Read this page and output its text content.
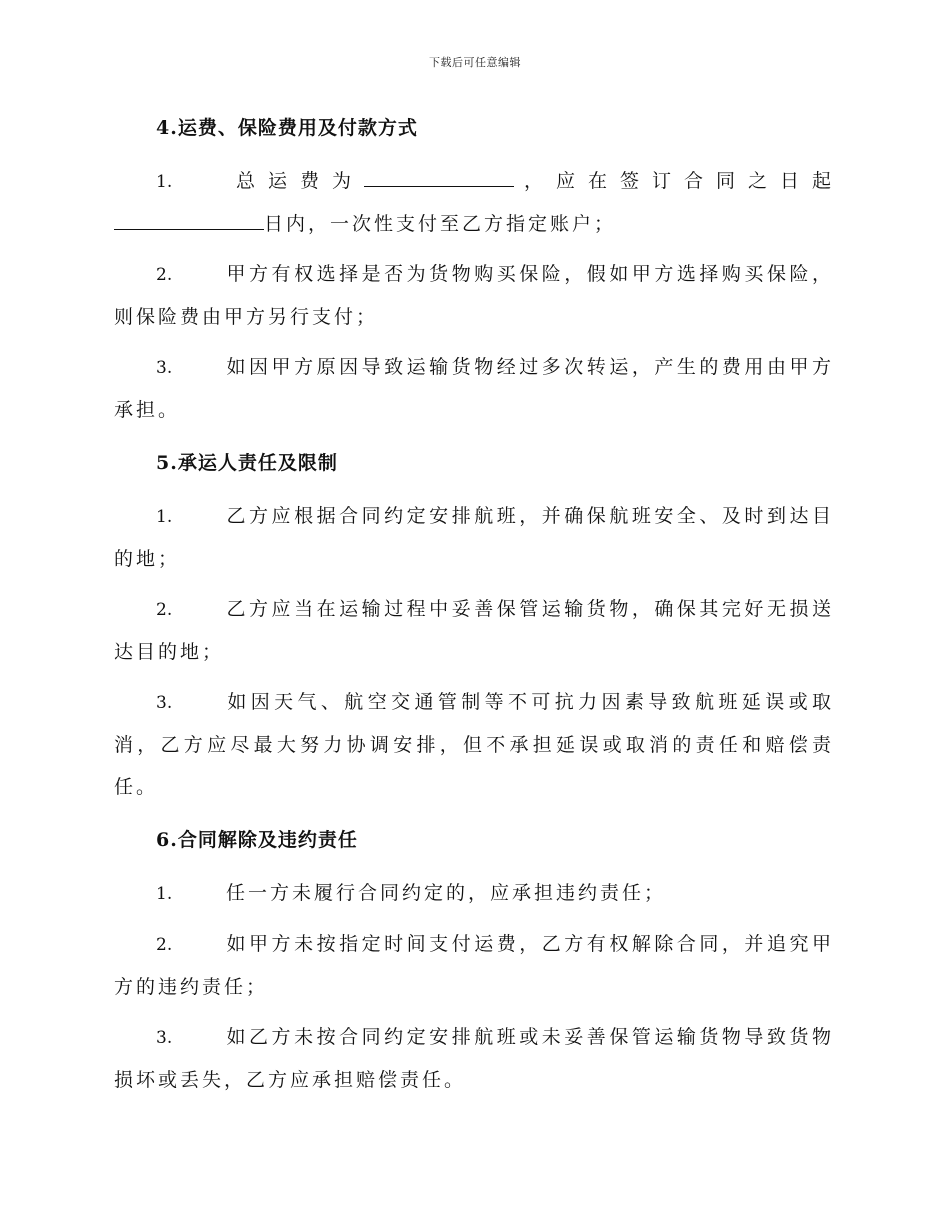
下载后可任意编辑
4.运费、保险费用及付款方式
1.	总运费为	，应在签订合同之日起日内，一次性支付至乙方指定账户；
2.	甲方有权选择是否为货物购买保险，假如甲方选择购买保险，则保险费由甲方另行支付；
3.	如因甲方原因导致运输货物经过多次转运，产生的费用由甲方承担。
5.承运人责任及限制
1.	乙方应根据合同约定安排航班，并确保航班安全、及时到达目的地；
2.	乙方应当在运输过程中妥善保管运输货物，确保其完好无损送达目的地；
3.	如因天气、航空交通管制等不可抗力因素导致航班延误或取消，乙方应尽最大努力协调安排，但不承担延误或取消的责任和赔偿责任。
6.合同解除及违约责任
1.	任一方未履行合同约定的，应承担违约责任；
2.	如甲方未按指定时间支付运费，乙方有权解除合同，并追究甲方的违约责任；
3.	如乙方未按合同约定安排航班或未妥善保管运输货物导致货物损坏或丢失，乙方应承担赔偿责任。
